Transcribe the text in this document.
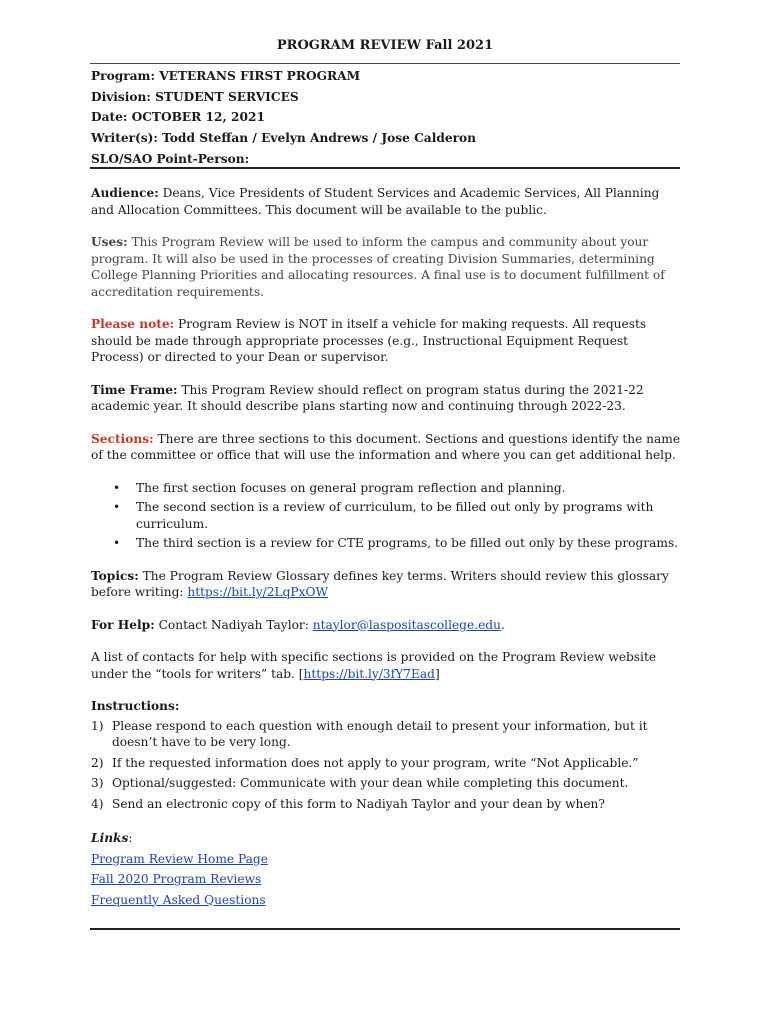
PROGRAM REVIEW Fall 2021
Program: VETERANS FIRST PROGRAM
Division: STUDENT SERVICES
Date: OCTOBER 12, 2021
Writer(s): Todd Steffan / Evelyn Andrews / Jose Calderon
SLO/SAO Point-Person:

Audience: Deans, Vice Presidents of Student Services and Academic Services, All Planning and Allocation Committees. This document will be available to the public.

Uses: This Program Review will be used to inform the campus and community about your program. It will also be used in the processes of creating Division Summaries, determining College Planning Priorities and allocating resources. A final use is to document fulfillment of accreditation requirements.

Please note: Program Review is NOT in itself a vehicle for making requests. All requests should be made through appropriate processes (e.g., Instructional Equipment Request Process) or directed to your Dean or supervisor.

Time Frame: This Program Review should reflect on program status during the 2021-22 academic year. It should describe plans starting now and continuing through 2022-23.

Sections: There are three sections to this document. Sections and questions identify the name of the committee or office that will use the information and where you can get additional help.

• The first section focuses on general program reflection and planning.
• The second section is a review of curriculum, to be filled out only by programs with curriculum.
• The third section is a review for CTE programs, to be filled out only by these programs.

Topics: The Program Review Glossary defines key terms. Writers should review this glossary before writing: https://bit.ly/2LqPxOW

For Help: Contact Nadiyah Taylor: ntaylor@laspositascollege.edu.

A list of contacts for help with specific sections is provided on the Program Review website under the “tools for writers” tab. [https://bit.ly/3fY7Ead]

Instructions:
1) Please respond to each question with enough detail to present your information, but it doesn’t have to be very long.
2) If the requested information does not apply to your program, write “Not Applicable.”
3) Optional/suggested: Communicate with your dean while completing this document.
4) Send an electronic copy of this form to Nadiyah Taylor and your dean by when?
Links:
Program Review Home Page
Fall 2020 Program Reviews
Frequently Asked Questions
